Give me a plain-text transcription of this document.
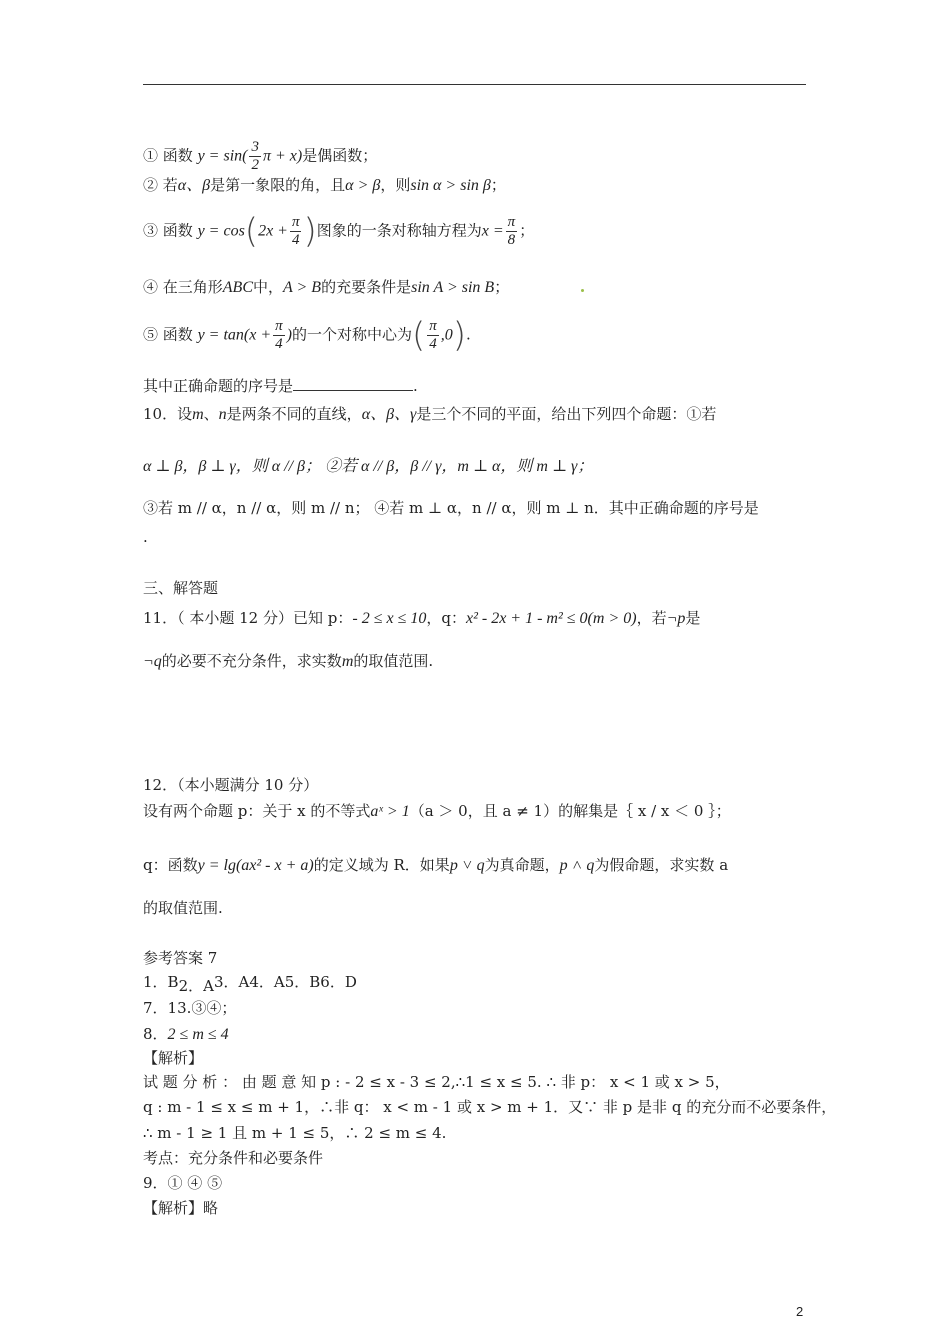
① 函数 $y = \sin( \frac{3}{2}$ π + x)是偶函数；
② 若α、β是第一象限的角，且α > β，则sin α > sin β；
③ 函数 $y = \cos(2x + \frac{\pi}{4}$ )图象的一条对称轴方程为$x = \frac{\pi}{8}$ ；
④ 在三角形ABC中，A > B的充要条件是sin A > sin B；
⑤ 函数 $y = \tan(x + \frac{\pi}{4}$ )的一个对称中心为( $\frac{\pi}{4} ,0$).
其中正确命题的序号是	.
10．设m、n是两条不同的直线，α、β、γ是三个不同的平面，给出下列四个命题：①若
α ⊥ β，β ⊥ γ，则 α // β； ②若 α // β，β // γ，m ⊥ α，则 m ⊥ γ；
③若 m // α，n // α，则 m // n； ④若 m ⊥ α，n // α，则 m ⊥ n．其中正确命题的序号是
.
三、解答题
11．（ 本小题 12 分）已知 p：- 2 ≤ x ≤ 10，q：x² - 2x + 1 - m² ≤ 0(m > 0)，若¬p是
¬q的必要不充分条件，求实数m的取值范围.
12．（本小题满分 10 分）
设有两个命题 p：关于 x 的不等式aˣ > 1（a ＞ 0，且 a ≠ 1）的解集是｛ x / x ＜ 0 ｝；
q：函数y = lg(ax² - x + a)的定义域为 R．如果p ˅ q为真命题，p ˄ q为假命题，求实数 a
的取值范围.
参考答案 7
1．B2．A3．A4．A5．B6．D
7．13.③④；
8．2 ≤ m ≤ 4
【解析】
试 题 分 析 ： 由 题 意 知 p : - 2 ≤ x - 3 ≤ 2,∴1 ≤ x ≤ 5. ∴ 非 p： x < 1 或 x > 5，
q : m - 1 ≤ x ≤ m + 1，∴非 q： x < m - 1 或 x > m + 1．又∵ 非 p 是非 q 的充分而不必要条件，
∴ m - 1 ≥ 1 且 m + 1 ≤ 5，∴ 2 ≤ m ≤ 4.
考点：充分条件和必要条件
9．① ④ ⑤
【解析】略
2
